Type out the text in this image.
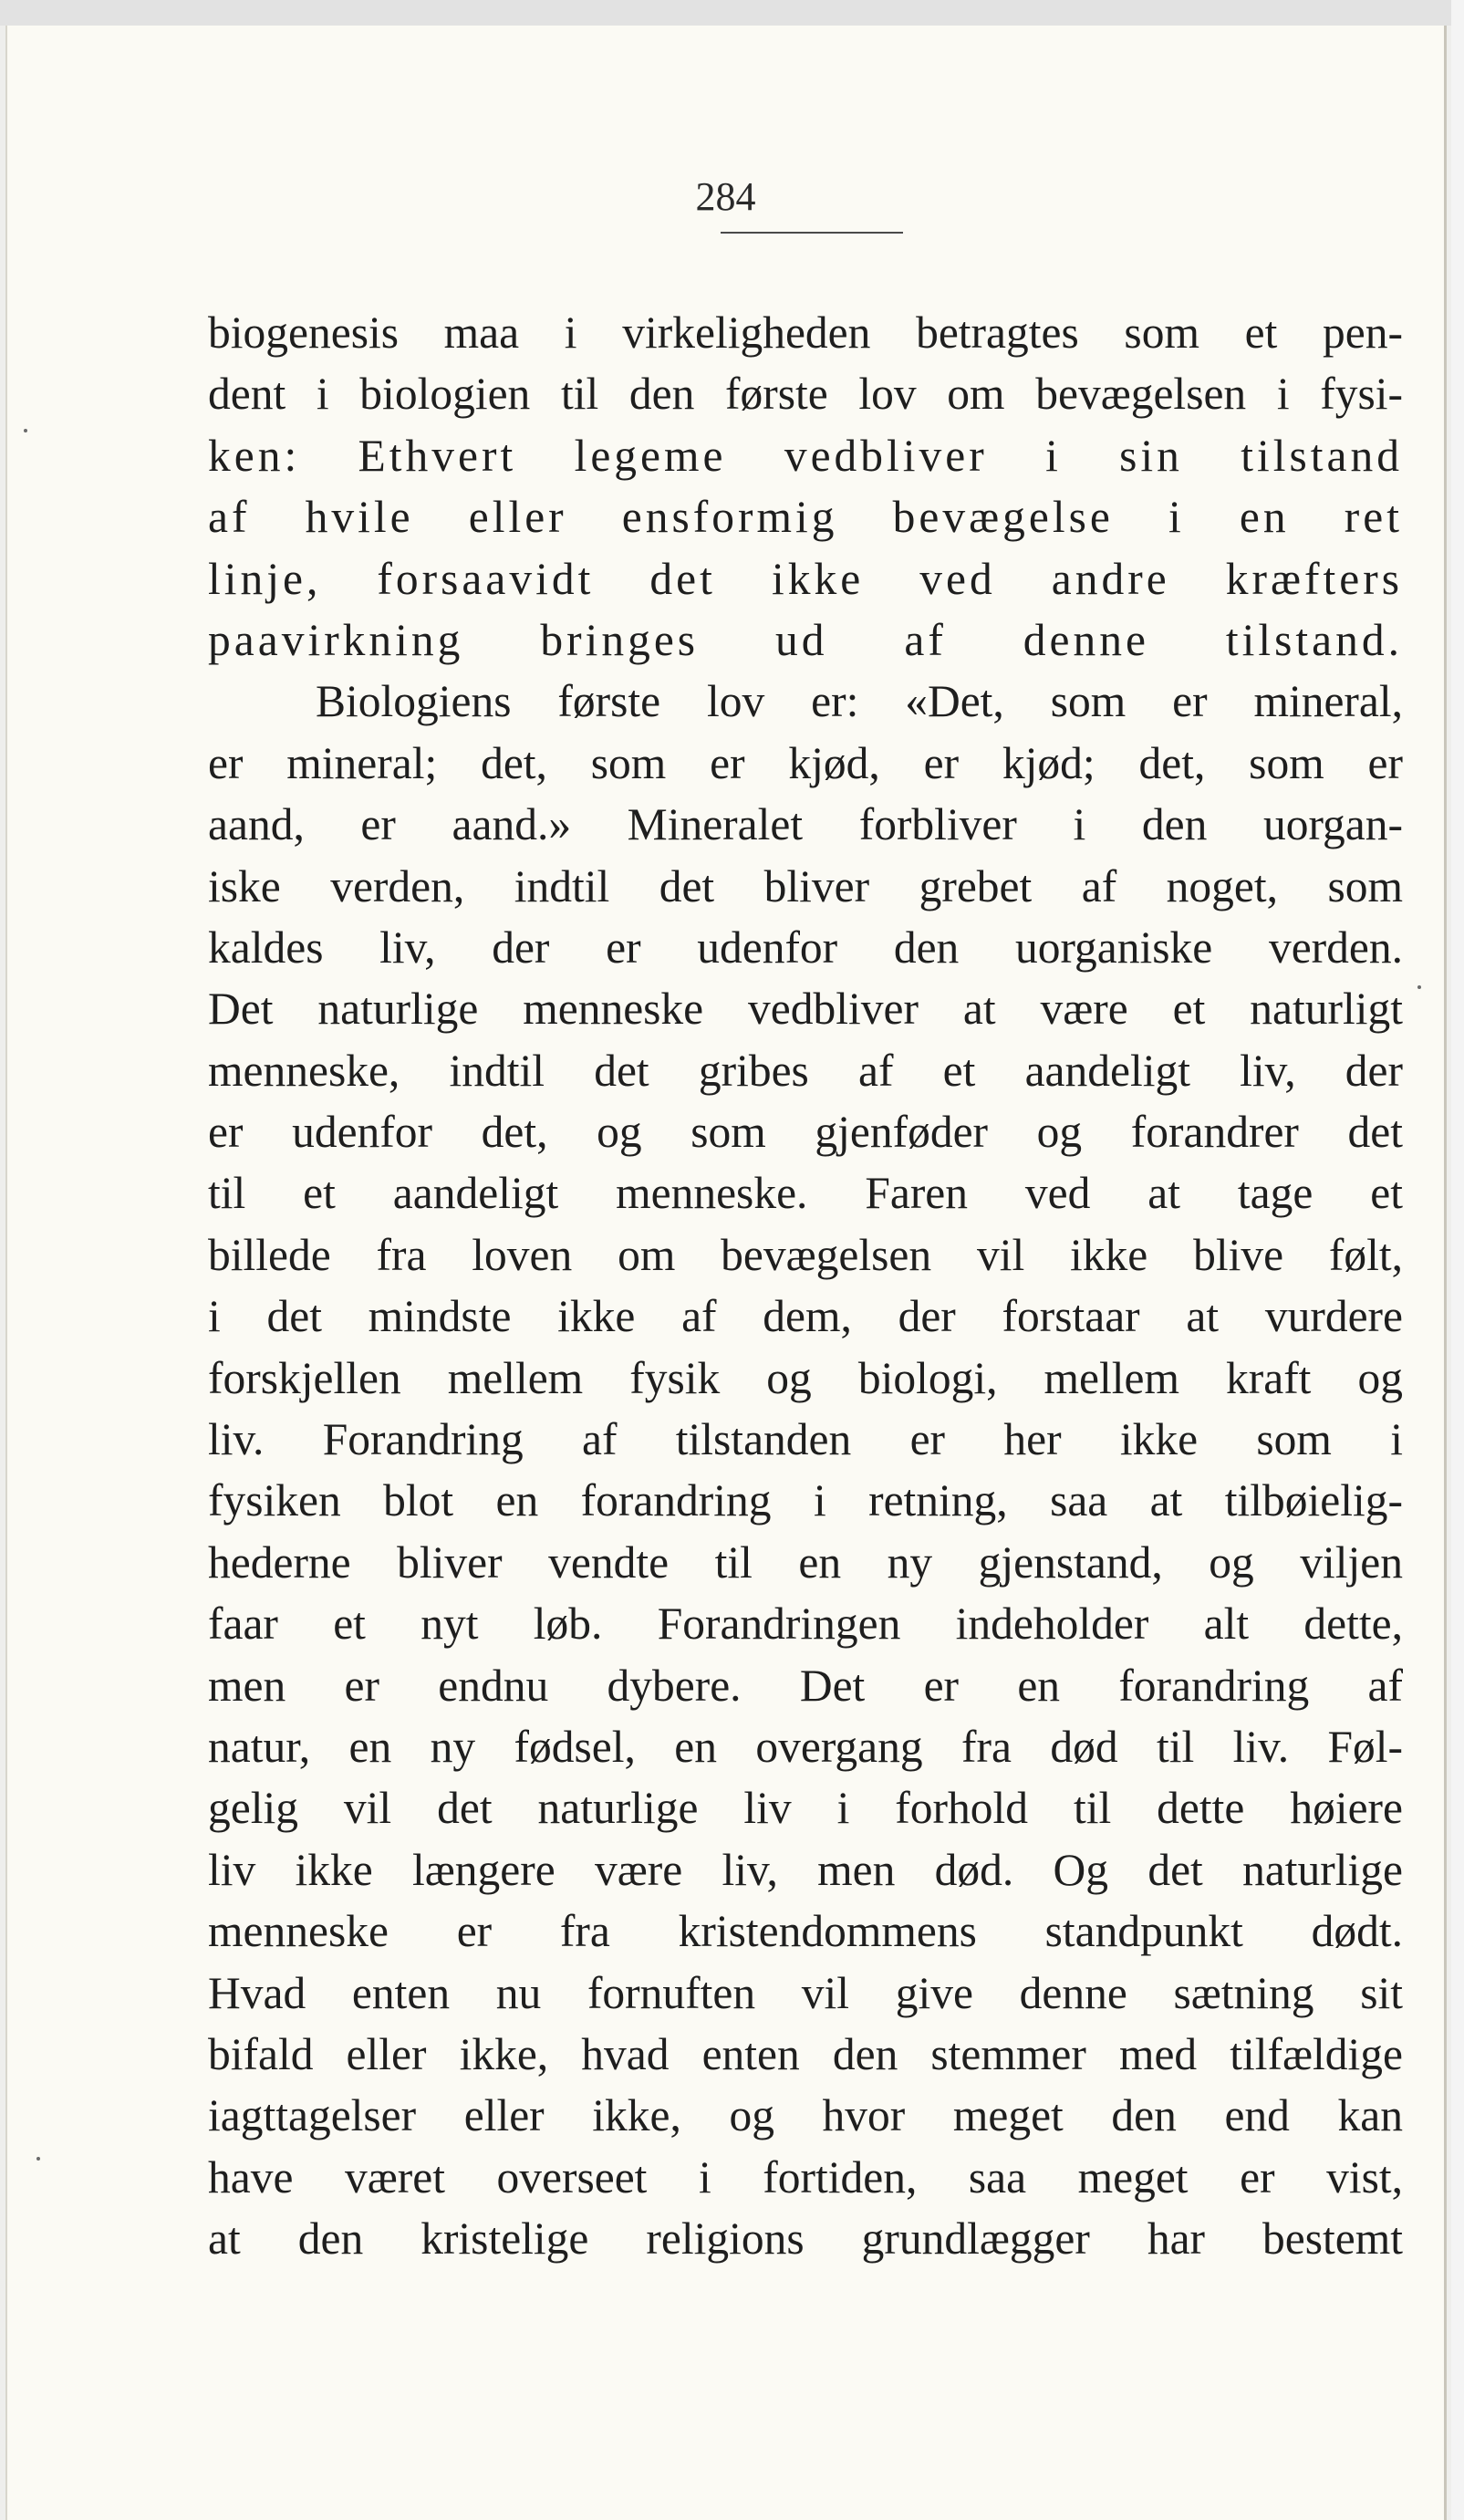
284
biogenesis maa i virkeligheden betragtes som et pen-
dent i biologien til den første lov om bevægelsen i fysi-
ken: Ethvert legeme vedbliver i sin tilstand
af hvile eller ensformig bevægelse i en ret
linje, forsaavidt det ikke ved andre kræfters
paavirkning bringes ud af denne tilstand.
Biologiens første lov er: «Det, som er mineral,
er mineral; det, som er kjød, er kjød; det, som er
aand, er aand.» Mineralet forbliver i den uorgan-
iske verden, indtil det bliver grebet af noget, som
kaldes liv, der er udenfor den uorganiske verden.
Det naturlige menneske vedbliver at være et naturligt
menneske, indtil det gribes af et aandeligt liv, der
er udenfor det, og som gjenføder og forandrer det
til et aandeligt menneske. Faren ved at tage et
billede fra loven om bevægelsen vil ikke blive følt,
i det mindste ikke af dem, der forstaar at vurdere
forskjellen mellem fysik og biologi, mellem kraft og
liv. Forandring af tilstanden er her ikke som i
fysiken blot en forandring i retning, saa at tilbøielig-
hederne bliver vendte til en ny gjenstand, og viljen
faar et nyt løb. Forandringen indeholder alt dette,
men er endnu dybere. Det er en forandring af
natur, en ny fødsel, en overgang fra død til liv. Føl-
gelig vil det naturlige liv i forhold til dette høiere
liv ikke længere være liv, men død. Og det naturlige
menneske er fra kristendommens standpunkt dødt.
Hvad enten nu fornuften vil give denne sætning sit
bifald eller ikke, hvad enten den stemmer med tilfældige
iagttagelser eller ikke, og hvor meget den end kan
have været overseet i fortiden, saa meget er vist,
at den kristelige religions grundlægger har bestemt
